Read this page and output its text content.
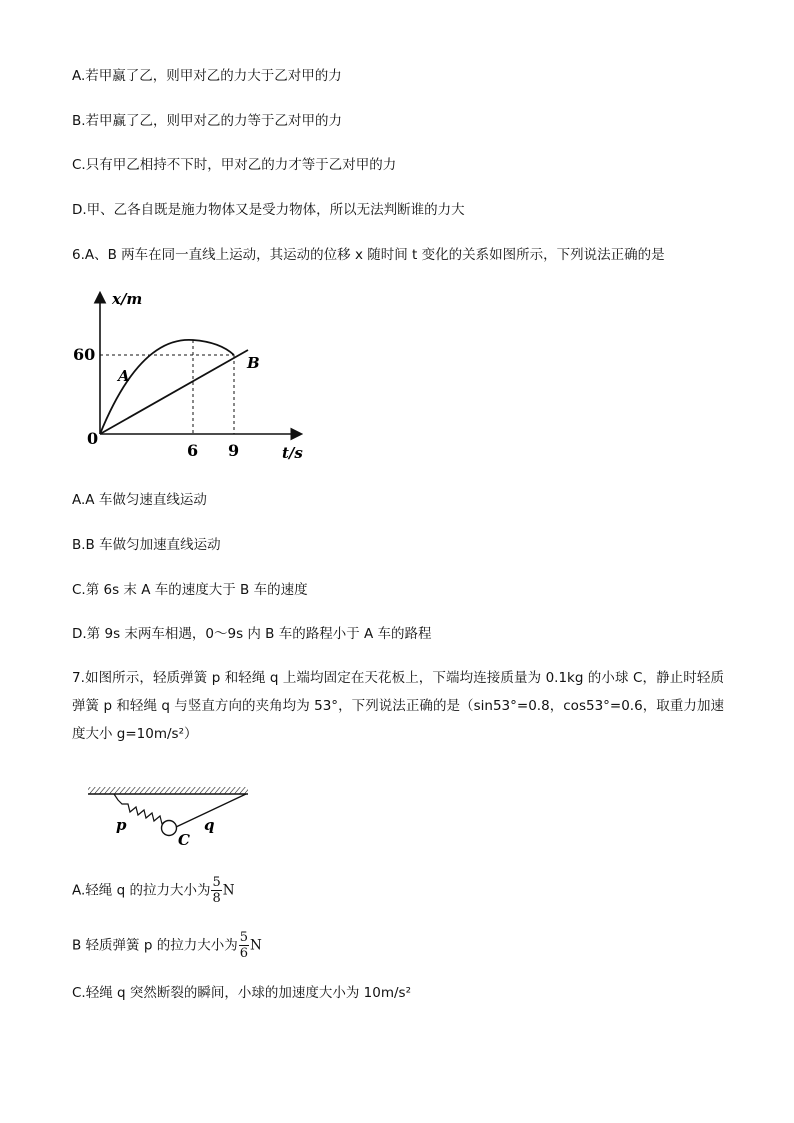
A.若甲赢了乙，则甲对乙的力大于乙对甲的力
B.若甲赢了乙，则甲对乙的力等于乙对甲的力
C.只有甲乙相持不下时，甲对乙的力才等于乙对甲的力
D.甲、乙各自既是施力物体又是受力物体，所以无法判断谁的力大
6.A、B 两车在同一直线上运动，其运动的位移 x 随时间 t 变化的关系如图所示，下列说法正确的是
x/m
60
A
B
0
6 9	t/s
A.A 车做匀速直线运动
B.B 车做匀加速直线运动
C.第 6s 末 A 车的速度大于 B 车的速度
D.第 9s 末两车相遇，0～9s 内 B 车的路程小于 A 车的路程
7.如图所示，轻质弹簧 p 和轻绳 q 上端均固定在天花板上，下端均连接质量为 0.1kg 的小球 C，静止时轻质弹簧 p 和轻绳 q 与竖直方向的夹角均为 53°，下列说法正确的是（sin53°=0.8，cos53°=0.6，取重力加速度大小 g=10m/s²）
p	q
C
A.轻绳 q 的拉力大小为 $\frac{5}{8}$ N
B 轻质弹簧 p 的拉力大小为 $\frac{5}{6}$ N
C.轻绳 q 突然断裂的瞬间，小球的加速度大小为 10m/s²
